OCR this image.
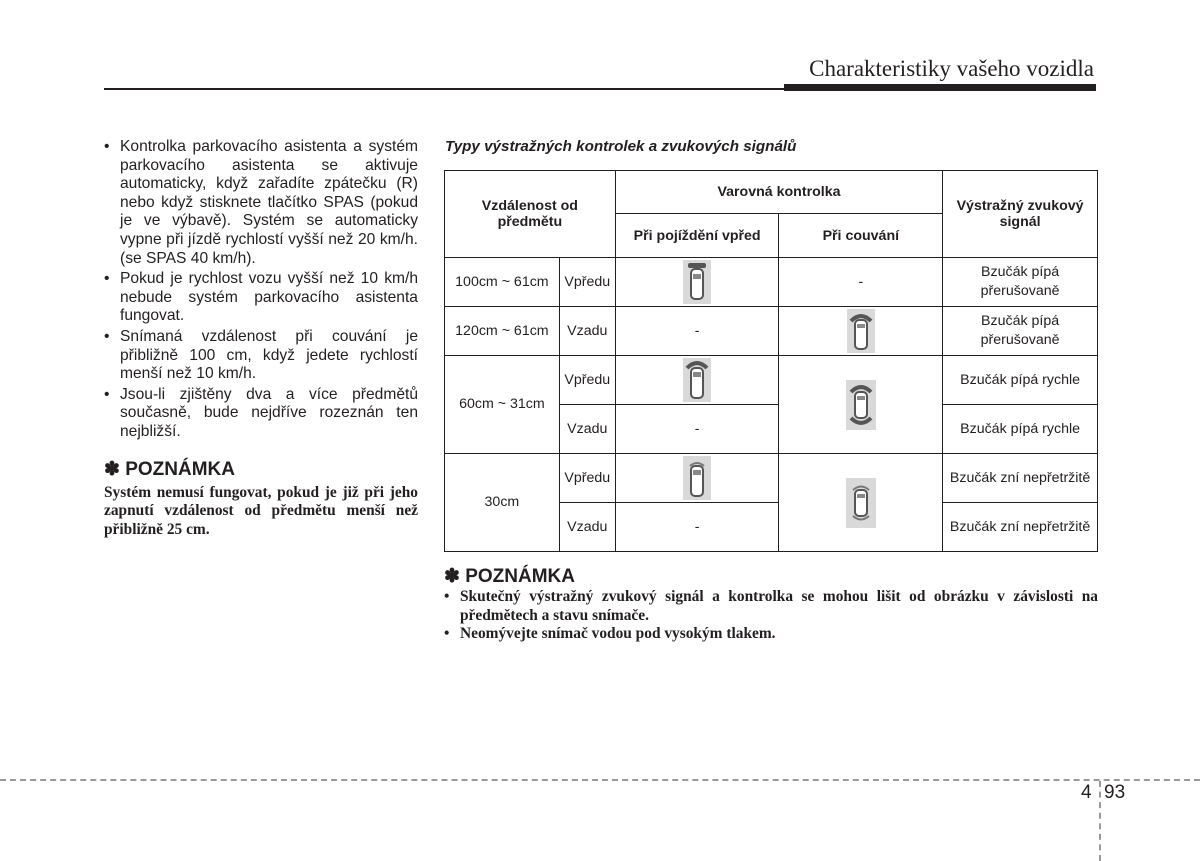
Charakteristiky vašeho vozidla
• Kontrolka parkovacího asistenta a systém parkovacího asistenta se aktivuje automaticky, když zařadíte zpátečku (R) nebo když stisknete tlačítko SPAS (pokud je ve výbavě). Systém se automaticky vypne při jízdě rychlostí vyšší než 20 km/h. (se SPAS 40 km/h).
• Pokud je rychlost vozu vyšší než 10 km/h nebude systém parkovacího asistenta fungovat.
• Snímaná vzdálenost při couvání je přibližně 100 cm, když jedete rychlostí menší než 10 km/h.
• Jsou-li zjištěny dva a více předmětů současně, bude nejdříve rozeznán ten nejbližší.
✽ POZNÁMKA
Systém nemusí fungovat, pokud je již při jeho zapnutí vzdálenost od předmětu menší než přibližně 25 cm.
Typy výstražných kontrolek a zvukových signálů
Vzdálenost od předmětu		Varovná kontrolka		Výstražný zvukový signál
		Při pojíždění vpřed	Při couvání	
100cm ~ 61cm	Vpředu		-	Bzučák pípá přerušovaně
120cm ~ 61cm	Vzadu	-		Bzučák pípá přerušovaně
60cm ~ 31cm	Vpředu			Bzučák pípá rychle
	Vzadu	-		Bzučák pípá rychle
30cm	Vpředu			Bzučák zní nepřetržitě
	Vzadu	-		Bzučák zní nepřetržitě
✽ POZNÁMKA
• Skutečný výstražný zvukový signál a kontrolka se mohou lišit od obrázku v závislosti na předmětech a stavu snímače.
• Neomývejte snímač vodou pod vysokým tlakem.
4 93
